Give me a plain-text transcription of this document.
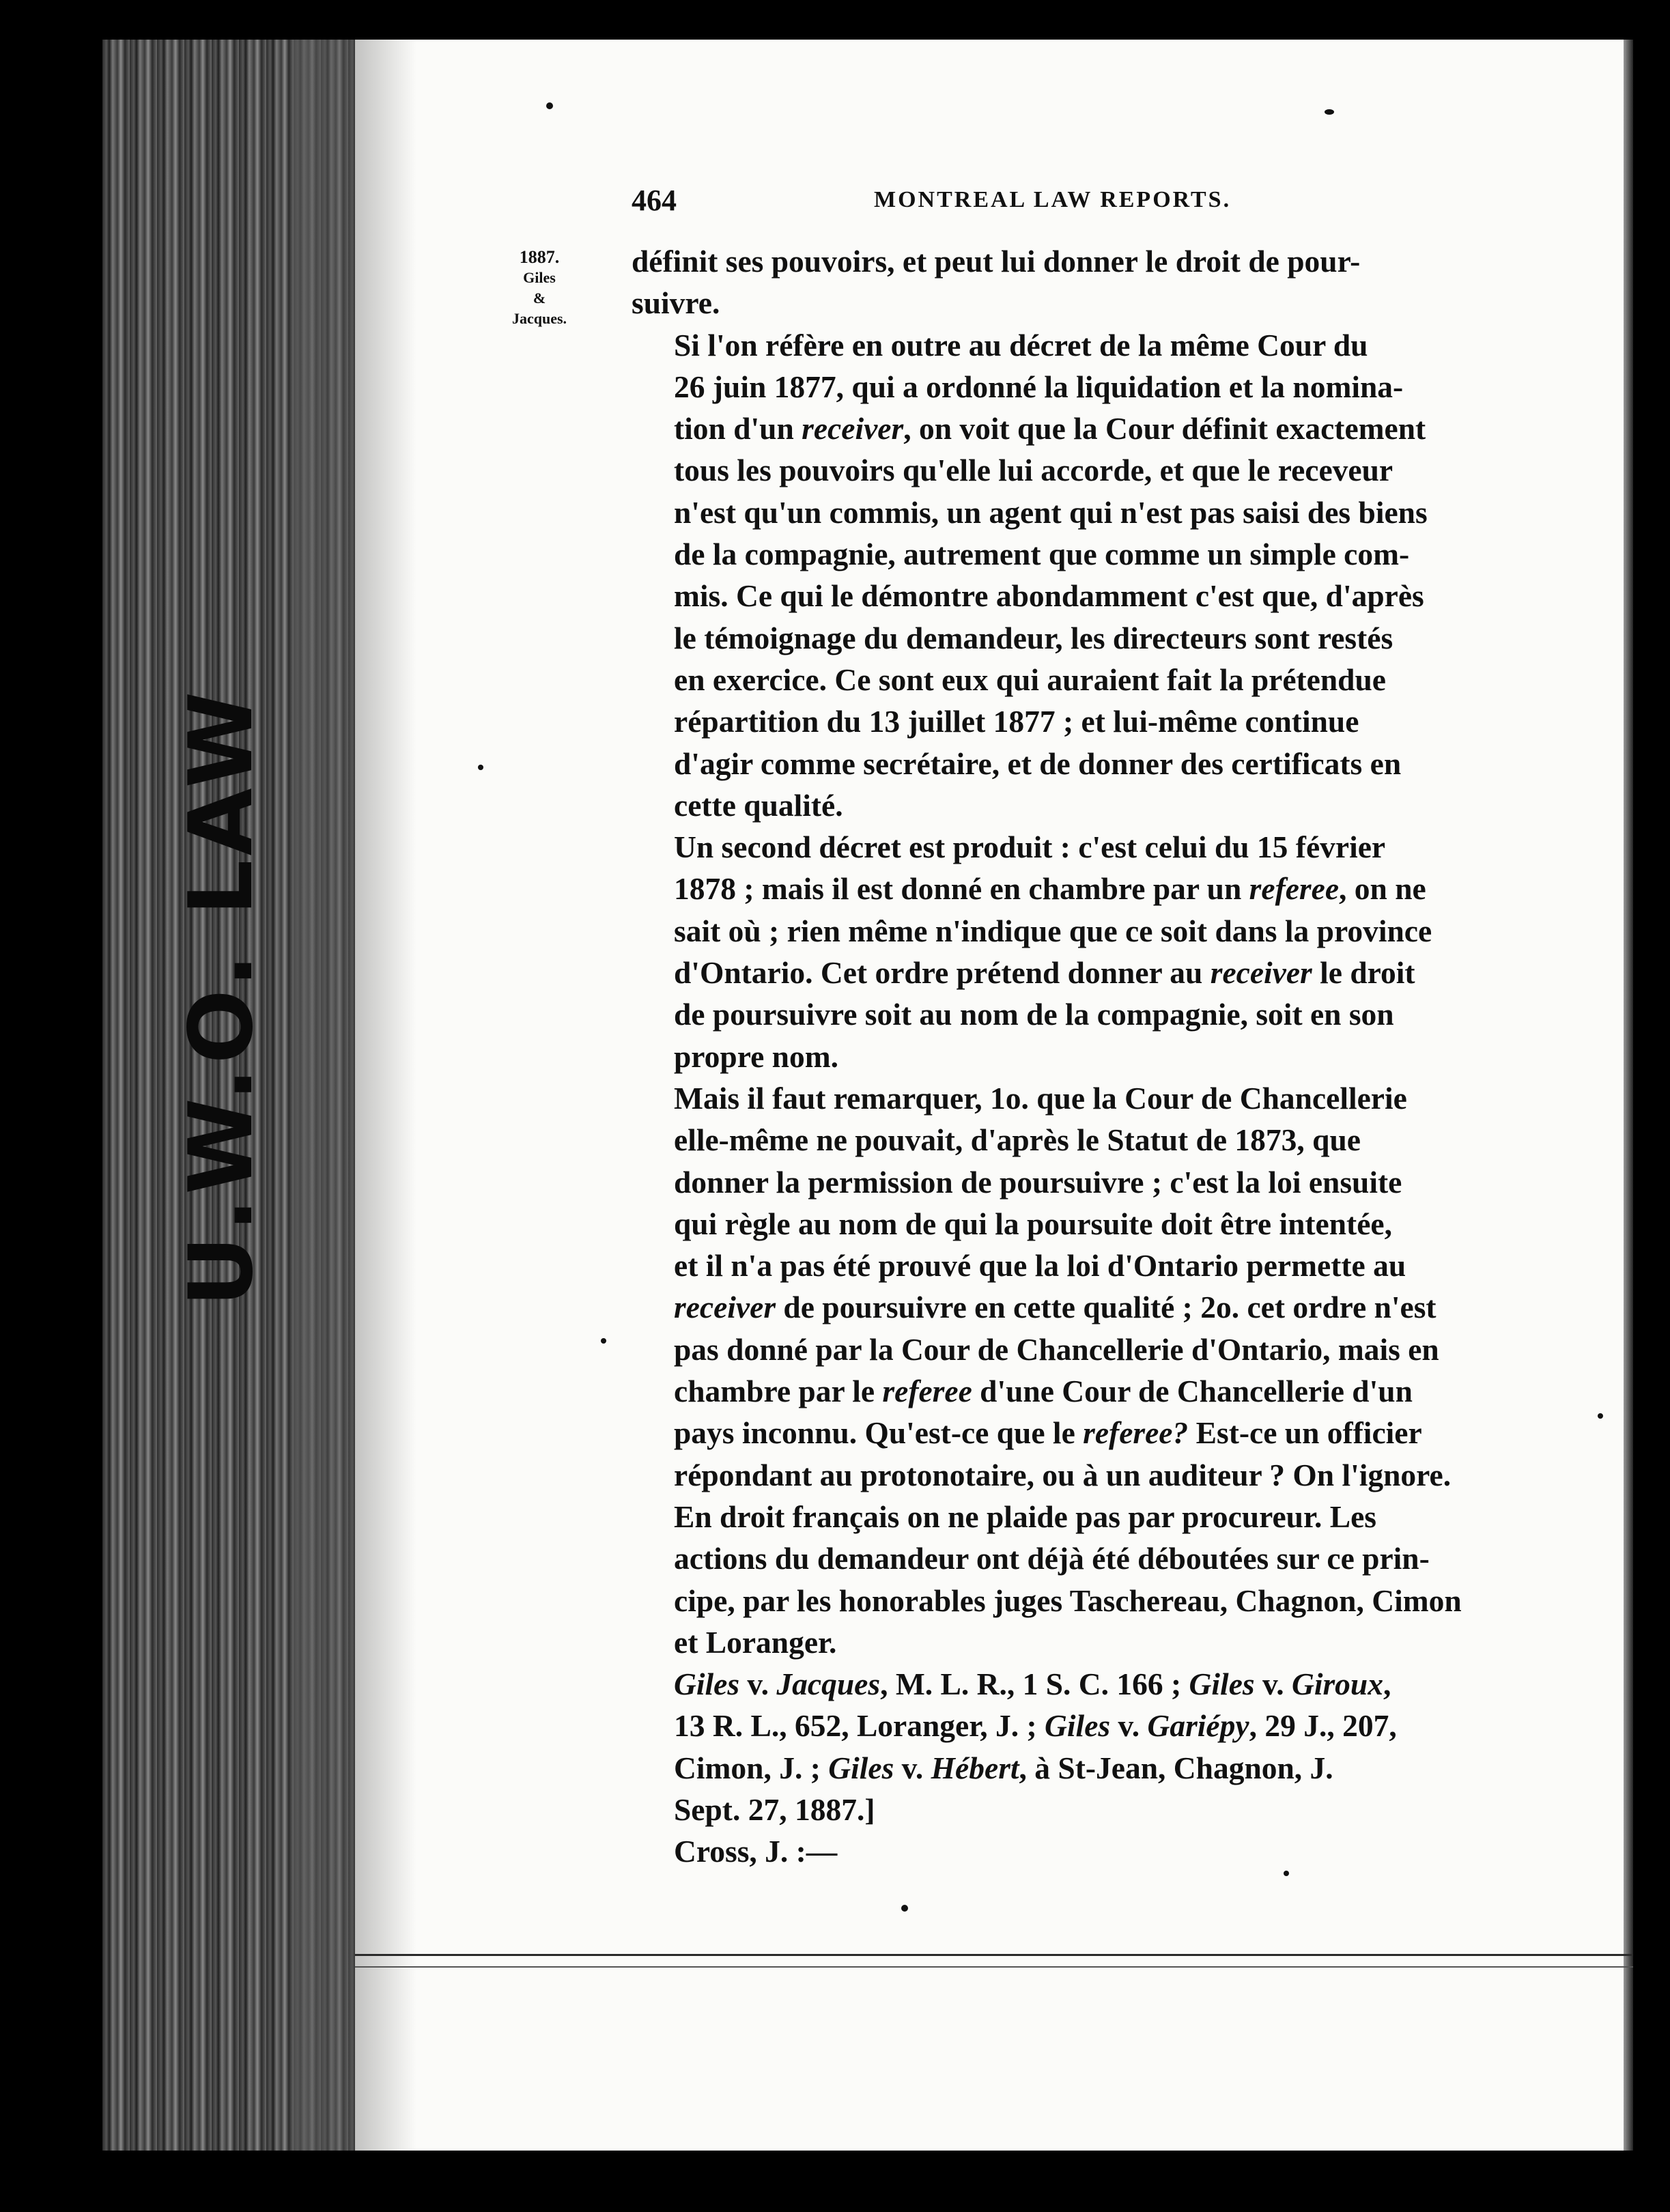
U.W.O. LAW
464	MONTREAL LAW REPORTS.
1887.
Giles
&
Jacques.

définit ses pouvoirs, et peut lui donner le droit de pour-
suivre.

Si l'on réfère en outre au décret de la même Cour du
26 juin 1877, qui a ordonné la liquidation et la nomina-
tion d'un receiver, on voit que la Cour définit exactement
tous les pouvoirs qu'elle lui accorde, et que le receveur
n'est qu'un commis, un agent qui n'est pas saisi des biens
de la compagnie, autrement que comme un simple com-
mis. Ce qui le démontre abondamment c'est que, d'après
le témoignage du demandeur, les directeurs sont restés
en exercice. Ce sont eux qui auraient fait la prétendue
répartition du 13 juillet 1877 ; et lui-même continue
d'agir comme secrétaire, et de donner des certificats en
cette qualité.

Un second décret est produit : c'est celui du 15 février
1878 ; mais il est donné en chambre par un referee, on ne
sait où ; rien même n'indique que ce soit dans la province
d'Ontario. Cet ordre prétend donner au receiver le droit
de poursuivre soit au nom de la compagnie, soit en son
propre nom.

Mais il faut remarquer, 1o. que la Cour de Chancellerie
elle-même ne pouvait, d'après le Statut de 1873, que
donner la permission de poursuivre ; c'est la loi ensuite
qui règle au nom de qui la poursuite doit être intentée,
et il n'a pas été prouvé que la loi d'Ontario permette au
receiver de poursuivre en cette qualité ; 2o. cet ordre n'est
pas donné par la Cour de Chancellerie d'Ontario, mais en
chambre par le referee d'une Cour de Chancellerie d'un
pays inconnu. Qu'est-ce que le referee? Est-ce un officier
répondant au protonotaire, ou à un auditeur ? On l'ignore.

En droit français on ne plaide pas par procureur. Les
actions du demandeur ont déjà été déboutées sur ce prin-
cipe, par les honorables juges Taschereau, Chagnon, Cimon
et Loranger.

Giles v. Jacques, M. L. R., 1 S. C. 166 ; Giles v. Giroux,
13 R. L., 652, Loranger, J. ; Giles v. Gariépy, 29 J., 207,
Cimon, J. ; Giles v. Hébert, à St-Jean, Chagnon, J.

Sept. 27, 1887.]

Cross, J. :—
